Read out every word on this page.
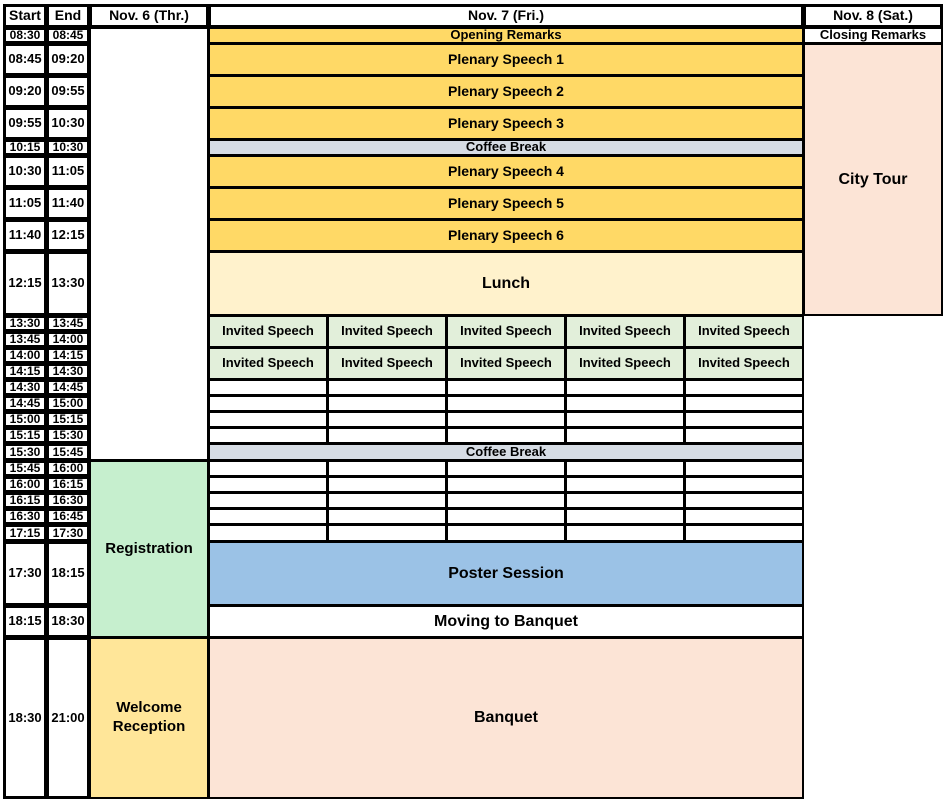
Start End Nov. 6 (Thr.)	Nov. 7 (Fri.)	Nov. 8 (Sat.)
08:30 08:45
08:45 09:20
09:20 09:55
09:55 10:30
10:15 10:30
10:30 11:05
11:05 11:40
11:40 12:15
12:15 13:30
13:30 13:45
13:45 14:00
14:00 14:15
14:15 14:30
14:30 14:45
14:45 15:00
15:00 15:15
15:15 15:30
15:30 15:45
15:45 16:00
16:00 16:15
16:15 16:30
16:30 16:45
17:15 17:30
17:30 18:15
18:15 18:30
18:30 21:00
Registration
Welcome Reception
Opening Remarks
Plenary Speech 1
Plenary Speech 2
Plenary Speech 3
Plenary Speech 4
Plenary Speech 5
Plenary Speech 6
Coffee Break
Lunch
Invited Speech
Invited Speech
Invited Speech
Invited Speech
Invited Speech
Invited Speech
Invited Speech
Invited Speech
Invited Speech
Invited Speech
Coffee Break
Poster Session
Moving to Banquet
Banquet
Closing Remarks
City Tour
